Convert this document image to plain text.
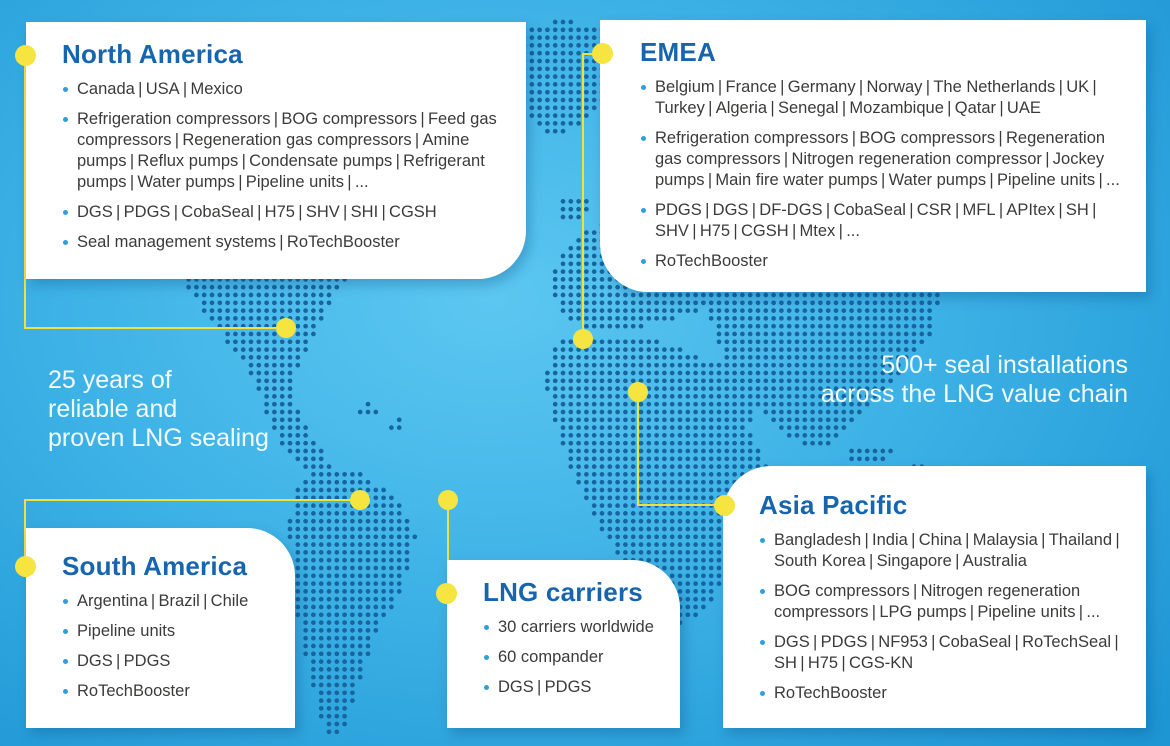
North America
Canada | USA | Mexico
Refrigeration compressors | BOG compressors | Feed gas compressors | Regeneration gas compressors | Amine pumps | Reflux pumps | Condensate pumps | Refrigerant pumps | Water pumps | Pipeline units | ...
DGS | PDGS | CobaSeal | H75 | SHV | SHI | CGSH
Seal management systems | RoTechBooster
EMEA
Belgium | France | Germany | Norway | The Netherlands | UK | Turkey | Algeria | Senegal | Mozambique | Qatar | UAE
Refrigeration compressors | BOG compressors | Regeneration gas compressors | Nitrogen regeneration compressor | Jockey pumps | Main fire water pumps | Water pumps | Pipeline units | ...
PDGS | DGS | DF-DGS | CobaSeal | CSR | MFL | APItex | SH | SHV | H75 | CGSH | Mtex | ...
RoTechBooster
South America
Argentina | Brazil | Chile
Pipeline units
DGS | PDGS
RoTechBooster
LNG carriers
30 carriers worldwide
60 compander
DGS | PDGS
Asia Pacific
Bangladesh | India | China | Malaysia | Thailand | South Korea | Singapore | Australia
BOG compressors | Nitrogen regeneration compressors | LPG pumps | Pipeline units | ...
DGS | PDGS | NF953 | CobaSeal | RoTechSeal | SH | H75 | CGS-KN
RoTechBooster
25 years of
reliable and
proven LNG sealing
500+ seal installations
across the LNG value chain
